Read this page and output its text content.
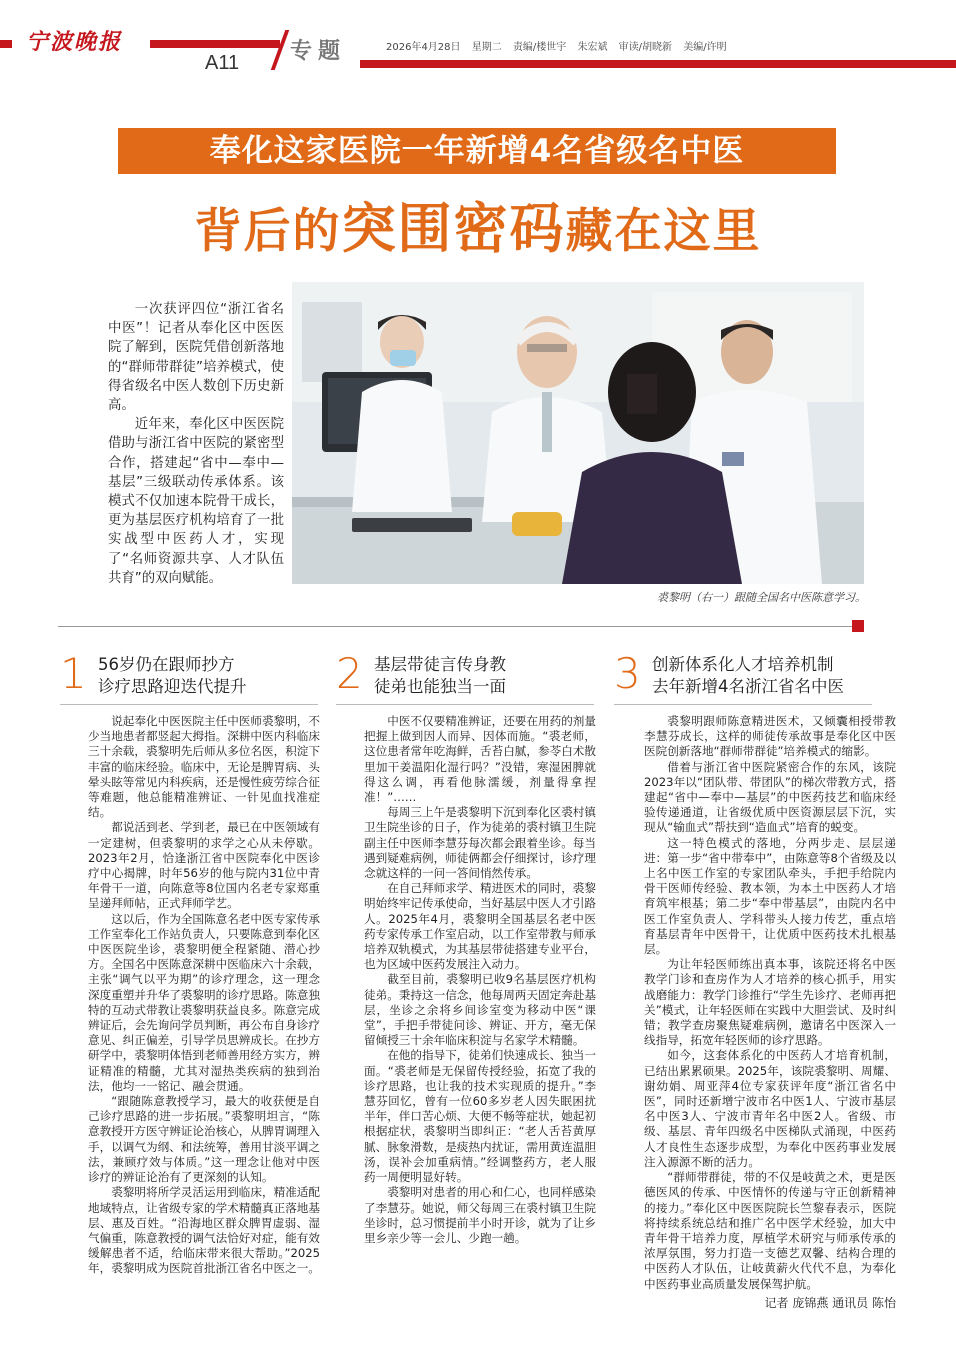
宁波晚报
A11 专题	2026年4月28日 星期二 责编/楼世宇 朱宏斌 审读/胡晓新 美编/许明
奉化这家医院一年新增4名省级名中医
背后的突围密码藏在这里

一次获评四位“浙江省名中医”！记者从奉化区中医医院了解到，医院凭借创新落地的“群师带群徒”培养模式，使得省级名中医人数创下历史新高。

近年来，奉化区中医医院借助与浙江省中医院的紧密型合作，搭建起“省中—奉中—基层”三级联动传承体系。该模式不仅加速本院骨干成长，更为基层医疗机构培育了一批实战型中医药人才，实现了“名师资源共享、人才队伍共育”的双向赋能。

裘黎明（右一）跟随全国名中医陈意学习。
1 56岁仍在跟师抄方
诊疗思路迎迭代提升

说起奉化中医医院主任中医师裘黎明，不少当地患者都竖起大拇指。深耕中医内科临床三十余载，裘黎明先后师从多位名医，积淀下丰富的临床经验。临床中，无论是脾胃病、头晕头眩等常见内科疾病，还是慢性疲劳综合征等难题，他总能精准辨证、一针见血找准症结。

都说活到老、学到老，最已在中医领域有一定建树，但裘黎明的求学之心从未停歇。2023年2月，恰逢浙江省中医院奉化中医诊疗中心揭牌，时年56岁的他与院内31位中青年骨干一道，向陈意等8位国内名老专家郑重呈递拜师帖，正式拜师学艺。

这以后，作为全国陈意名老中医专家传承工作室奉化工作站负责人，只要陈意到奉化区中医医院坐诊，裘黎明便全程紧随、潜心抄方。全国名中医陈意深耕中医临床六十余载，主张“调气以平为期”的诊疗理念，这一理念深度重塑并升华了裘黎明的诊疗思路。陈意独特的互动式带教让裘黎明获益良多。陈意完成辨证后，会先询问学员判断，再公布自身诊疗意见、纠正偏差，引导学员思辨成长。在抄方研学中，裘黎明体悟到老师善用经方实方，辨证精准的精髓，尤其对湿热类疾病的独到治法，他均一一铭记、融会贯通。

“跟随陈意教授学习，最大的收获便是自己诊疗思路的进一步拓展。”裘黎明坦言，“陈意教授开方医守辨证论治核心，从脾胃调理入手，以调气为纲、和法统筹，善用甘淡平调之法，兼顾疗效与体质。”这一理念让他对中医诊疗的辨证论治有了更深刻的认知。

裘黎明将所学灵活运用到临床，精准适配地域特点，让省级专家的学术精髓真正落地基层、惠及百姓。“沿海地区群众脾胃虚弱、湿气偏重，陈意教授的调气法恰好对症，能有效缓解患者不适，给临床带来很大帮助。”2025年，裘黎明成为医院首批浙江省名中医之一。

2 基层带徒言传身教
徒弟也能独当一面

中医不仅要精准辨证，还要在用药的剂量把握上做到因人而异、因体而施。“裘老师，这位患者常年吃海鲜，舌苔白腻，参苓白术散里加干姜温阳化湿行吗？”没错，寒湿困脾就得这么调，再看他脉濡缓，剂量得拿捏准！”……

每周三上午是裘黎明下沉到奉化区裘村镇卫生院坐诊的日子，作为徒弟的裘村镇卫生院副主任中医师李慧芬每次都会跟着坐诊。每当遇到疑难病例，师徒俩都会仔细探讨，诊疗理念就这样的一问一答间悄然传承。

在自己拜师求学、精进医术的同时，裘黎明始终牢记传承使命，当好基层中医人才引路人。2025年4月，裘黎明全国基层名老中医药专家传承工作室启动，以工作室带教与师承培养双轨模式，为其基层带徒搭建专业平台，也为区域中医药发展注入动力。

截至目前，裘黎明已收9名基层医疗机构徒弟。秉持这一信念，他每周两天固定奔赴基层，坐诊之余将乡间诊室变为移动中医“课堂”，手把手带徒问诊、辨证、开方，毫无保留倾授三十余年临床积淀与名家学术精髓。

在他的指导下，徒弟们快速成长、独当一面。“裘老师是无保留传授经验，拓宽了我的诊疗思路，也让我的技术实现质的提升。”李慧芬回忆，曾有一位60多岁老人因失眠困扰半年，伴口苦心烦、大便不畅等症状，她起初根据症状，裘黎明当即纠正：“老人舌苔黄厚腻、脉象滑数，是痰热内扰证，需用黄连温胆汤，误补会加重病情。”经调整药方，老人服药一周便明显好转。

裘黎明对患者的用心和仁心，也同样感染了李慧芬。她说，师父每周三在裘村镇卫生院坐诊时，总习惯提前半小时开诊，就为了让乡里乡亲少等一会儿、少跑一趟。

3 创新体系化人才培养机制
去年新增4名浙江省名中医

裘黎明跟师陈意精进医术，又倾囊相授带教李慧芬成长，这样的师徒传承故事是奉化区中医医院创新落地“群师带群徒”培养模式的缩影。

借着与浙江省中医院紧密合作的东风，该院2023年以“团队带、带团队”的梯次带教方式，搭建起“省中—奉中—基层”的中医药技艺和临床经验传递通道，让省级优质中医资源层层下沉，实现从“输血式”帮扶到“造血式”培育的蜕变。

这一特色模式的落地，分两步走、层层递进：第一步“省中带奉中”，由陈意等8个省级及以上名中医工作室的专家团队牵头，手把手给院内骨干医师传经验、教本领，为本土中医药人才培育筑牢根基；第二步“奉中带基层”，由院内名中医工作室负责人、学科带头人接力传艺，重点培育基层青年中医骨干，让优质中医药技术扎根基层。

为让年轻医师练出真本事，该院还将名中医教学门诊和查房作为人才培养的核心抓手，用实战磨能力：教学门诊推行“学生先诊疗、老师再把关”模式，让年轻医师在实践中大胆尝试、及时纠错；教学查房聚焦疑难病例，邀请名中医深入一线指导，拓宽年轻医师的诊疗思路。

如今，这套体系化的中医药人才培育机制，已结出累累硕果。2025年，该院裘黎明、周耀、谢幼娟、周亚萍4位专家获评年度“浙江省名中医”，同时还新增宁波市名中医1人、宁波市基层名中医3人、宁波市青年名中医2人。省级、市级、基层、青年四级名中医梯队式涌现，中医药人才良性生态逐步成型，为奉化中医药事业发展注入源源不断的活力。

“群师带群徒，带的不仅是岐黄之术，更是医德医风的传承、中医情怀的传递与守正创新精神的接力。”奉化区中医医院院长竺黎春表示，医院将持续系统总结和推广名中医学术经验，加大中青年骨干培养力度，厚植学术研究与师承传承的浓厚氛围，努力打造一支德艺双馨、结构合理的中医药人才队伍，让岐黄薪火代代不息，为奉化中医药事业高质量发展保驾护航。

记者 庞锦燕 通讯员 陈怡
